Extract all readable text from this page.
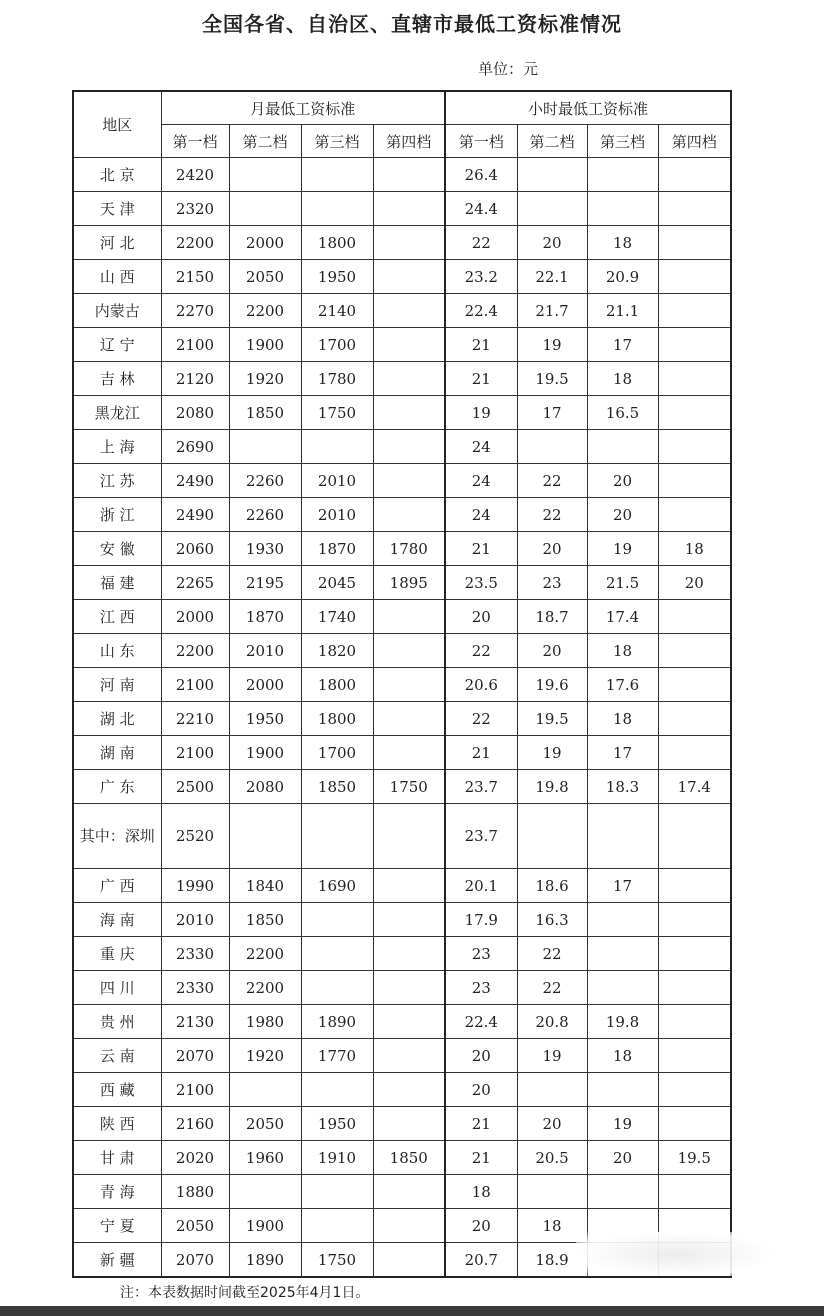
全国各省、自治区、直辖市最低工资标准情况
单位：元
地区	月最低工资标准				小时最低工资标准			
	第一档	第二档	第三档	第四档	第一档	第二档	第三档	第四档
北 京	2420				26.4			
天 津	2320				24.4			
河 北	2200	2000	1800		22	20	18	
山 西	2150	2050	1950		23.2	22.1	20.9	
内蒙古	2270	2200	2140		22.4	21.7	21.1	
辽 宁	2100	1900	1700		21	19	17	
吉 林	2120	1920	1780		21	19.5	18	
黑龙江	2080	1850	1750		19	17	16.5	
上 海	2690				24			
江 苏	2490	2260	2010		24	22	20	
浙 江	2490	2260	2010		24	22	20	
安 徽	2060	1930	1870	1780	21	20	19	18
福 建	2265	2195	2045	1895	23.5	23	21.5	20
江 西	2000	1870	1740		20	18.7	17.4	
山 东	2200	2010	1820		22	20	18	
河 南	2100	2000	1800		20.6	19.6	17.6	
湖 北	2210	1950	1800		22	19.5	18	
湖 南	2100	1900	1700		21	19	17	
广 东	2500	2080	1850	1750	23.7	19.8	18.3	17.4
其中：深圳	2520				23.7			
广 西	1990	1840	1690		20.1	18.6	17	
海 南	2010	1850			17.9	16.3		
重 庆	2330	2200			23	22		
四 川	2330	2200			23	22		
贵 州	2130	1980	1890		22.4	20.8	19.8	
云 南	2070	1920	1770		20	19	18	
西 藏	2100				20			
陕 西	2160	2050	1950		21	20	19	
甘 肃	2020	1960	1910	1850	21	20.5	20	19.5
青 海	1880				18			
宁 夏	2050	1900			20	18		
新 疆	2070	1890	1750		20.7	18.9		
注：本表数据时间截至2025年4月1日。
